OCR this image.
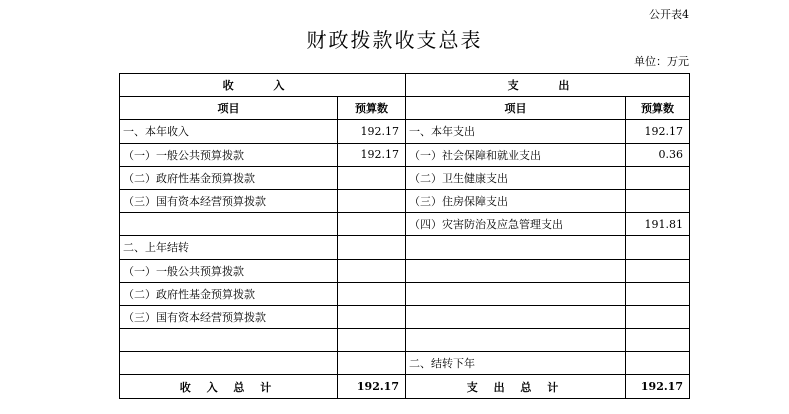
公开表4
财政拨款收支总表
单位：万元
收 入		支 出	
项目	预算数	项目	预算数
一、本年收入	192.17	一、本年支出	192.17
（一）一般公共预算拨款	192.17	（一）社会保障和就业支出	0.36
（二）政府性基金预算拨款		（二）卫生健康支出	
（三）国有资本经营预算拨款		（三）住房保障支出	
		（四）灾害防治及应急管理支出	191.81
二、上年结转			
（一）一般公共预算拨款			
（二）政府性基金预算拨款			
（三）国有资本经营预算拨款			

		二、结转下年	
收 入 总 计	192.17	支 出 总 计	192.17
